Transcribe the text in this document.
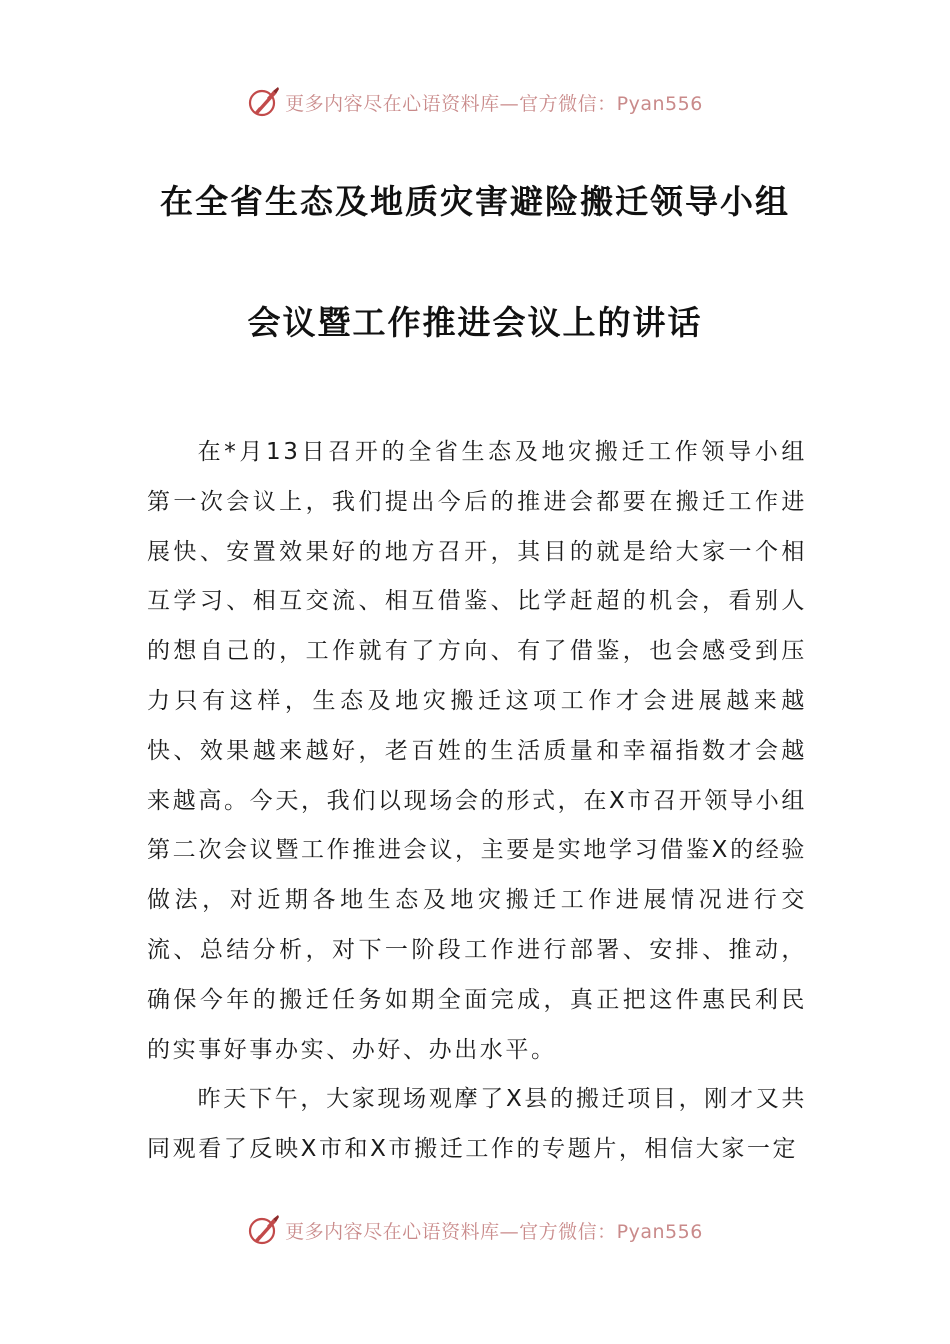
更多内容尽在心语资料库—官方微信：Pyan556
在全省生态及地质灾害避险搬迁领导小组
会议暨工作推进会议上的讲话

在*月13日召开的全省生态及地灾搬迁工作领导小组第一次会议上，我们提出今后的推进会都要在搬迁工作进展快、安置效果好的地方召开，其目的就是给大家一个相互学习、相互交流、相互借鉴、比学赶超的机会，看别人的想自己的，工作就有了方向、有了借鉴，也会感受到压力只有这样，生态及地灾搬迁这项工作才会进展越来越快、效果越来越好，老百姓的生活质量和幸福指数才会越来越高。今天，我们以现场会的形式，在X市召开领导小组第二次会议暨工作推进会议，主要是实地学习借鉴X的经验做法，对近期各地生态及地灾搬迁工作进展情况进行交流、总结分析，对下一阶段工作进行部署、安排、推动，确保今年的搬迁任务如期全面完成，真正把这件惠民利民的实事好事办实、办好、办出水平。

昨天下午，大家现场观摩了X县的搬迁项目，刚才又共同观看了反映X市和X市搬迁工作的专题片，相信大家一定

更多内容尽在心语资料库—官方微信：Pyan556
